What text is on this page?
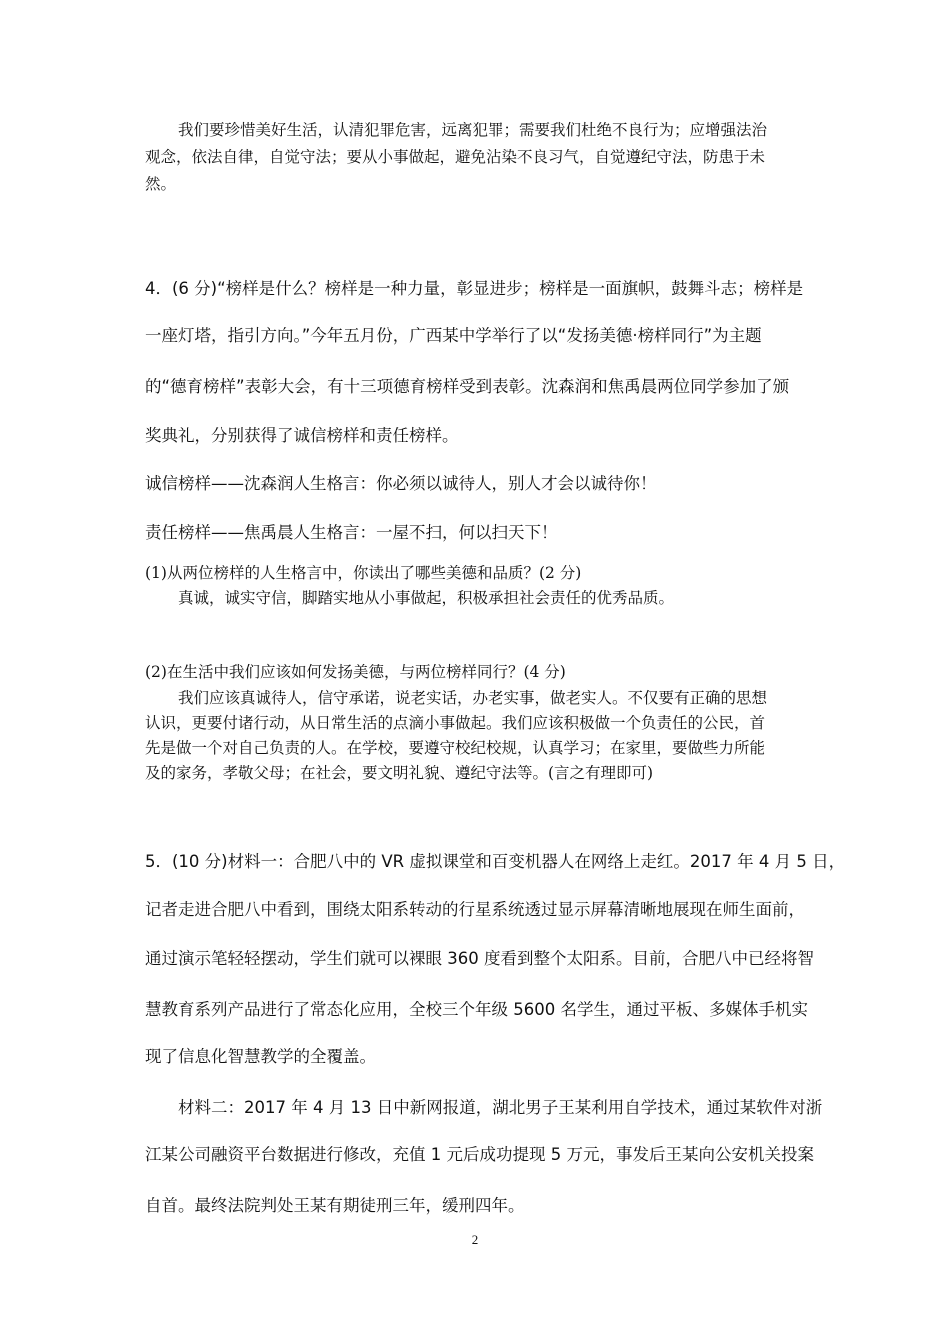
我们要珍惜美好生活，认清犯罪危害，远离犯罪；需要我们杜绝不良行为；应增强法治
观念，依法自律，自觉守法；要从小事做起，避免沾染不良习气，自觉遵纪守法，防患于未
然。
4．(6 分)“榜样是什么？榜样是一种力量，彰显进步；榜样是一面旗帜，鼓舞斗志；榜样是
一座灯塔，指引方向。”今年五月份，广西某中学举行了以“发扬美德·榜样同行”为主题
的“德育榜样”表彰大会，有十三项德育榜样受到表彰。沈森润和焦禹晨两位同学参加了颁
奖典礼，分别获得了诚信榜样和责任榜样。
诚信榜样——沈森润人生格言：你必须以诚待人，别人才会以诚待你！
责任榜样——焦禹晨人生格言：一屋不扫，何以扫天下！
(1)从两位榜样的人生格言中，你读出了哪些美德和品质？(2 分)
真诚，诚实守信，脚踏实地从小事做起，积极承担社会责任的优秀品质。
(2)在生活中我们应该如何发扬美德，与两位榜样同行？(4 分)
我们应该真诚待人，信守承诺，说老实话，办老实事，做老实人。不仅要有正确的思想
认识，更要付诸行动，从日常生活的点滴小事做起。我们应该积极做一个负责任的公民，首
先是做一个对自己负责的人。在学校，要遵守校纪校规，认真学习；在家里，要做些力所能
及的家务，孝敬父母；在社会，要文明礼貌、遵纪守法等。(言之有理即可)
5．(10 分)材料一：合肥八中的 VR 虚拟课堂和百变机器人在网络上走红。2017 年 4 月 5 日，
记者走进合肥八中看到，围绕太阳系转动的行星系统透过显示屏幕清晰地展现在师生面前，
通过演示笔轻轻摆动，学生们就可以裸眼 360 度看到整个太阳系。目前，合肥八中已经将智
慧教育系列产品进行了常态化应用，全校三个年级 5600 名学生，通过平板、多媒体手机实
现了信息化智慧教学的全覆盖。
材料二：2017 年 4 月 13 日中新网报道，湖北男子王某利用自学技术，通过某软件对浙
江某公司融资平台数据进行修改，充值 1 元后成功提现 5 万元，事发后王某向公安机关投案
自首。最终法院判处王某有期徒刑三年，缓刑四年。
2
